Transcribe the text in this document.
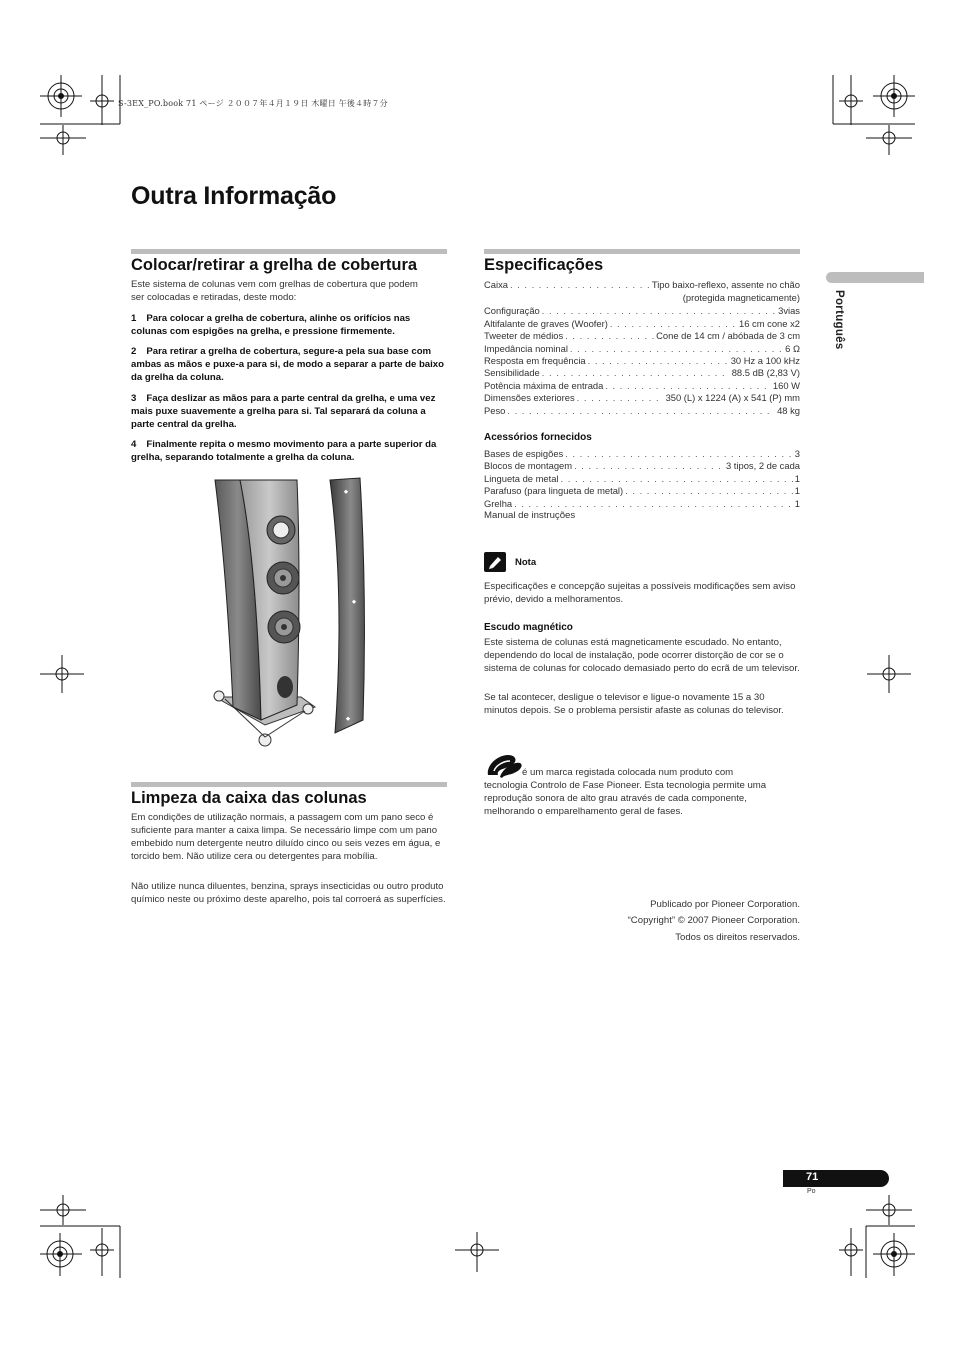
S-3EX_PO.book 71 ページ ２００７年４月１９日 木曜日 午後４時７分
Outra Informação
Português
Colocar/retirar a grelha de cobertura

Este sistema de colunas vem com grelhas de cobertura que podem ser colocadas e retiradas, deste modo:

1 Para colocar a grelha de cobertura, alinhe os orifícios nas colunas com espigões na grelha, e pressione firmemente.

2 Para retirar a grelha de cobertura, segure-a pela sua base com ambas as mãos e puxe-a para si, de modo a separar a parte de baixo da grelha da coluna.

3 Faça deslizar as mãos para a parte central da grelha, e uma vez mais puxe suavemente a grelha para si. Tal separará da coluna a parte central da grelha.

4 Finalmente repita o mesmo movimento para a parte superior da grelha, separando totalmente a grelha da coluna.

Limpeza da caixa das colunas

Em condições de utilização normais, a passagem com um pano seco é suficiente para manter a caixa limpa. Se necessário limpe com um pano embebido num detergente neutro diluído cinco ou seis vezes em água, e torcido bem. Não utilize cera ou detergentes para mobília.

Não utilize nunca diluentes, benzina, sprays insecticidas ou outro produto químico neste ou próximo deste aparelho, pois tal corroerá as superfícies.

Especificações
Caixa . . .	Tipo baixo-reflexo, assente no chão
(protegida magneticamente)
Configuração . . .	3vias
Altifalante de graves (Woofer) . . .	16 cm cone x2
Tweeter de médios . . .	Cone de 14 cm / abóbada de 3 cm
Impedância nominal . . .	6 Ω
Resposta em frequência . . .	30 Hz a 100 kHz
Sensibilidade . . .	88.5 dB (2,83 V)
Potência máxima de entrada . . .	160 W
Dimensões exteriores . . .	350 (L) x 1224 (A) x 541 (P) mm
Peso . . .	48 kg
Acessórios fornecidos
Bases de espigões . . .	3
Blocos de montagem . . .	3 tipos, 2 de cada
Lingueta de metal . . .	1
Parafuso (para lingueta de metal) . . .	1
Grelha . . .	1

Manual de instruções

Nota

Especificações e concepção sujeitas a possíveis modificações sem aviso prévio, devido a melhoramentos.

Escudo magnético

Este sistema de colunas está magneticamente escudado. No entanto, dependendo do local de instalação, pode ocorrer distorção de cor se o sistema de colunas for colocado demasiado perto do ecrã de um televisor.

Se tal acontecer, desligue o televisor e ligue-o novamente 15 a 30 minutos depois. Se o problema persistir afaste as colunas do televisor.

é um marca registada colocada num produto com

tecnologia Controlo de Fase Pioneer. Esta tecnologia permite uma reprodução sonora de alto grau através de cada componente, melhorando o emparelhamento geral de fases.

Publicado por Pioneer Corporation.
“Copyright” © 2007 Pioneer Corporation.
Todos os direitos reservados.
71
Po
